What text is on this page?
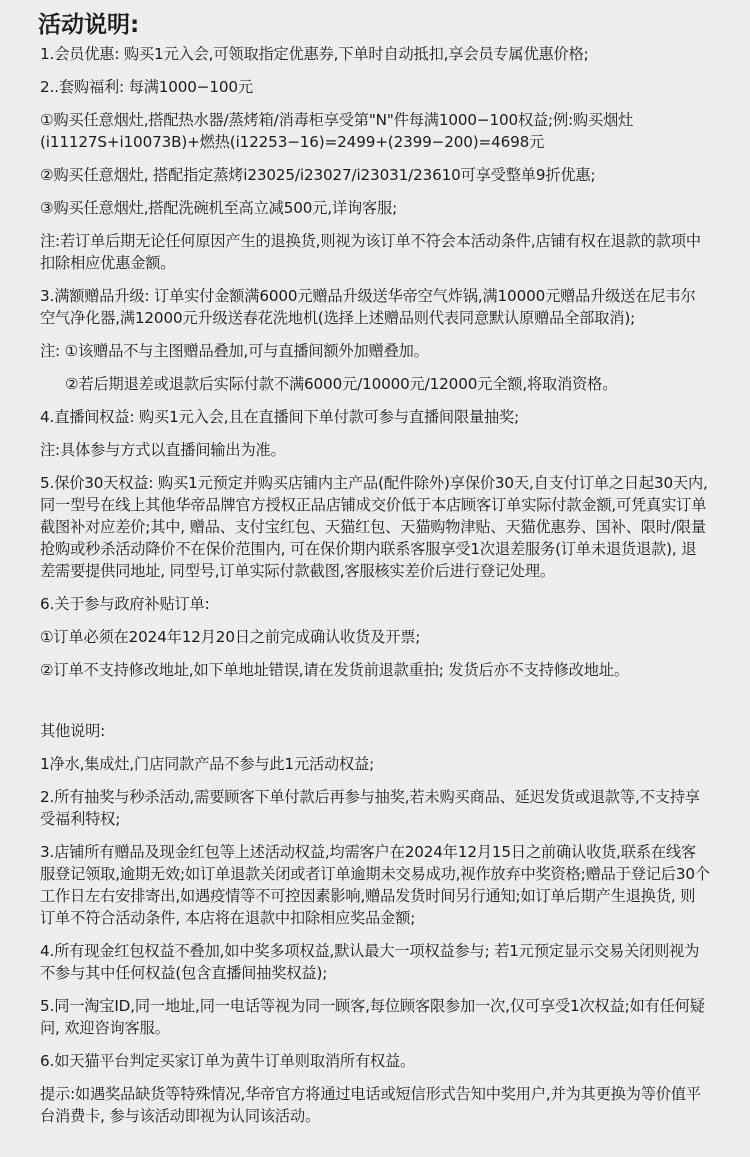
活动说明:
1.会员优惠: 购买1元入会,可领取指定优惠券,下单时自动抵扣,享会员专属优惠价格;
2..套购福利: 每满1000−100元
①购买任意烟灶,搭配热水器/蒸烤箱/消毒柜享受第"N"件每满1000−100权益;例:购买烟灶(i11127S+i10073B)+燃热(i12253−16)=2499+(2399−200)=4698元
②购买任意烟灶, 搭配指定蒸烤i23025/i23027/i23031/23610可享受整单9折优惠;
③购买任意烟灶,搭配洗碗机至高立减500元,详询客服;
注:若订单后期无论任何原因产生的退换货,则视为该订单不符会本活动条件,店铺有权在退款的款项中扣除相应优惠金额。
3.满额赠品升级: 订单实付金额满6000元赠品升级送华帝空气炸锅,满10000元赠品升级送在尼韦尔空气净化器,满12000元升级送春花洗地机(选择上述赠品则代表同意默认原赠品全部取消);
注: ①该赠品不与主图赠品叠加,可与直播间额外加赠叠加。
②若后期退差或退款后实际付款不满6000元/10000元/12000元全额,将取消资格。
4.直播间权益: 购买1元入会,且在直播间下单付款可参与直播间限量抽奖;
注:具体参与方式以直播间输出为准。
5.保价30天权益: 购买1元预定并购买店铺内主产品(配件除外)享保价30天,自支付订单之日起30天内, 同一型号在线上其他华帝品牌官方授权正品店铺成交价低于本店顾客订单实际付款金额,可凭真实订单截图补对应差价;其中, 赠品、支付宝红包、天猫红包、天猫购物津贴、天猫优惠券、国补、限时/限量抢购或秒杀活动降价不在保价范围内, 可在保价期内联系客服享受1次退差服务(订单未退货退款), 退差需要提供同地址, 同型号,订单实际付款截图,客服核实差价后进行登记处理。
6.关于参与政府补贴订单:
①订单必须在2024年12月20日之前完成确认收货及开票;
②订单不支持修改地址,如下单地址错误,请在发货前退款重拍; 发货后亦不支持修改地址。
其他说明:
1净水,集成灶,门店同款产品不参与此1元活动权益;
2.所有抽奖与秒杀活动,需要顾客下单付款后再参与抽奖,若未购买商品、延迟发货或退款等,不支持享受福利特权;
3.店铺所有赠品及现金红包等上述活动权益,均需客户在2024年12月15日之前确认收货,联系在线客服登记领取,逾期无效;如订单退款关闭或者订单逾期未交易成功,视作放弃中奖资格;赠品于登记后30个工作日左右安排寄出,如遇疫情等不可控因素影响,赠品发货时间另行通知;如订单后期产生退换货, 则订单不符合活动条件, 本店将在退款中扣除相应奖品金额;
4.所有现金红包权益不叠加,如中奖多项权益,默认最大一项权益参与; 若1元预定显示交易关闭则视为不参与其中任何权益(包含直播间抽奖权益);
5.同一淘宝ID,同一地址,同一电话等视为同一顾客,每位顾客限参加一次,仅可享受1次权益;如有任何疑问, 欢迎咨询客服。
6.如天猫平台判定买家订单为黄牛订单则取消所有权益。
提示:如遇奖品缺货等特殊情况,华帝官方将通过电话或短信形式告知中奖用户,并为其更换为等价值平台消费卡, 参与该活动即视为认同该活动。
